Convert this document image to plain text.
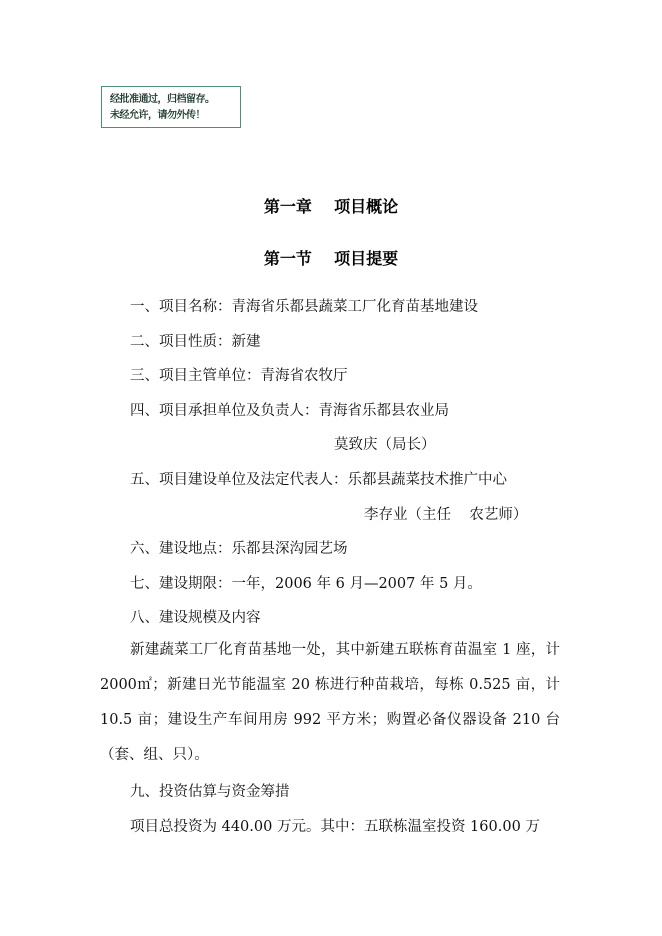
经批准通过，归档留存。
未经允许，请勿外传！
第一章    项目概论
第一节    项目提要
一、项目名称：青海省乐都县蔬菜工厂化育苗基地建设
二、项目性质：新建
三、项目主管单位：青海省农牧厅
四、项目承担单位及负责人：青海省乐都县农业局
莫致庆（局长）
五、项目建设单位及法定代表人：乐都县蔬菜技术推广中心
李存业（主任    农艺师）
六、建设地点：乐都县深沟园艺场
七、建设期限：一年，2006 年 6 月—2007 年 5 月。
八、建设规模及内容
新建蔬菜工厂化育苗基地一处，其中新建五联栋育苗温室 1 座，计 2000㎡；新建日光节能温室 20 栋进行种苗栽培，每栋 0.525 亩，计 10.5 亩；建设生产车间用房 992 平方米；购置必备仪器设备 210 台（套、组、只）。
九、投资估算与资金筹措
项目总投资为 440.00 万元。其中：五联栋温室投资 160.00 万
